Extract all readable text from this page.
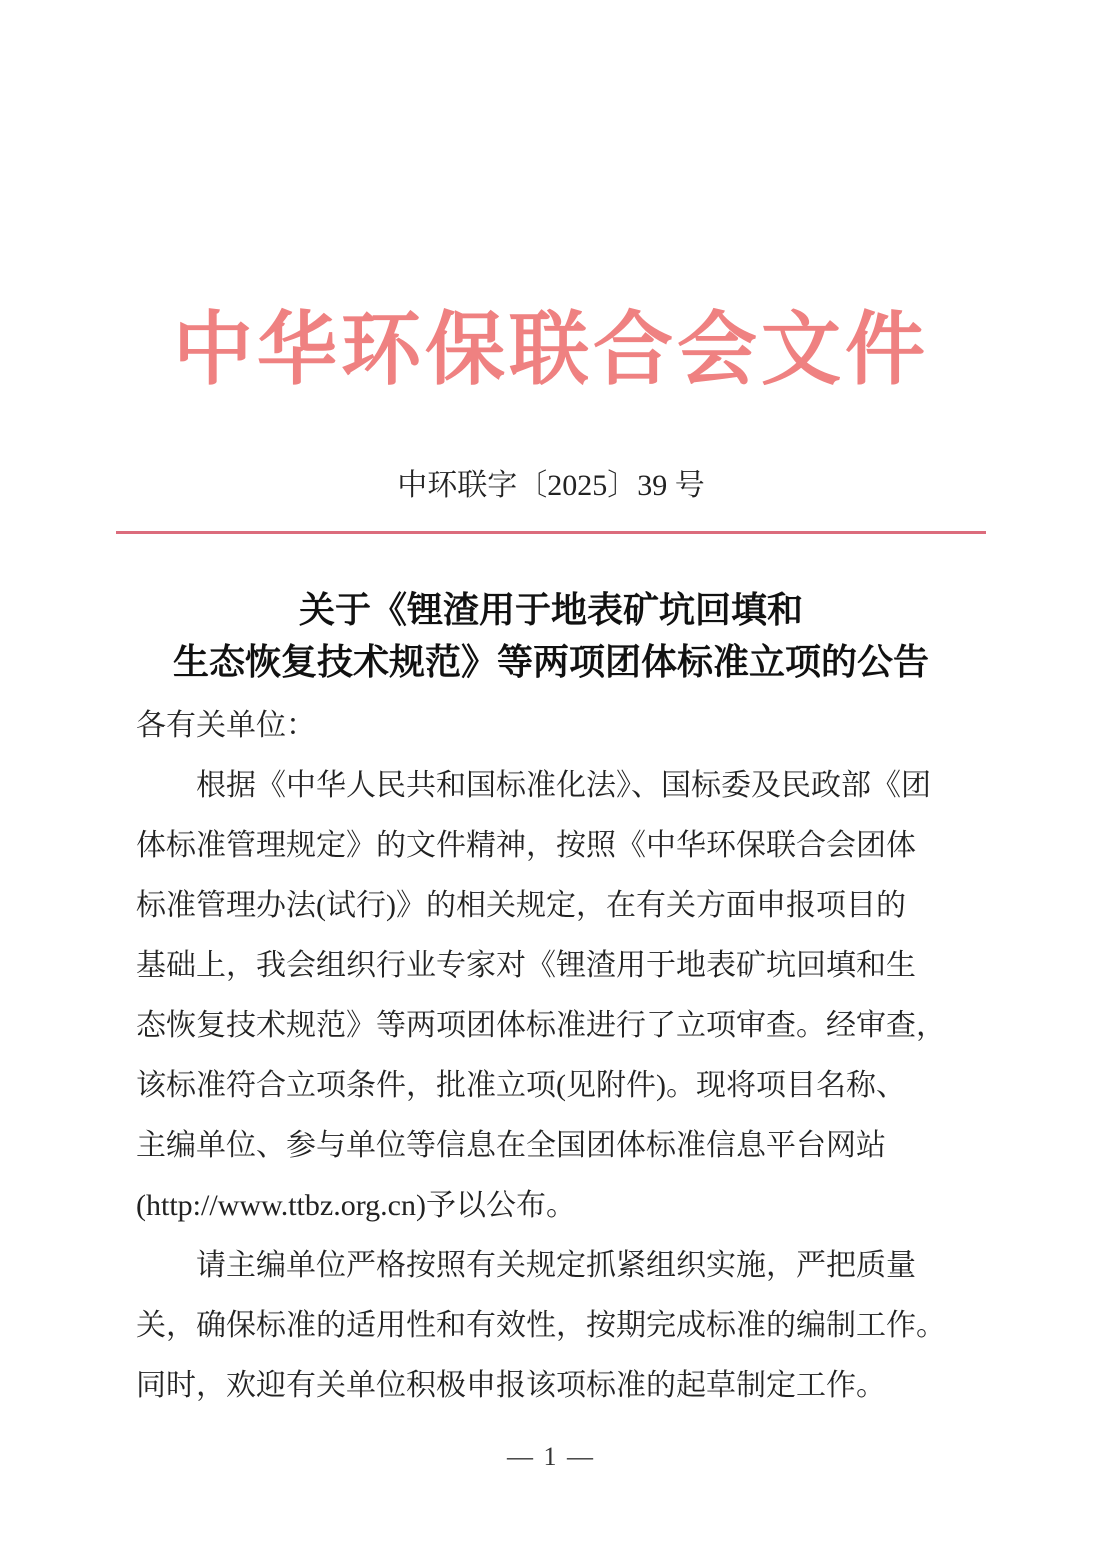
中华环保联合会文件
中环联字〔2025〕39 号
关于《锂渣用于地表矿坑回填和
生态恢复技术规范》等两项团体标准立项的公告
各有关单位：
根据《中华人民共和国标准化法》、国标委及民政部《团
体标准管理规定》的文件精神，按照《中华环保联合会团体
标准管理办法(试行)》的相关规定，在有关方面申报项目的
基础上，我会组织行业专家对《锂渣用于地表矿坑回填和生
态恢复技术规范》等两项团体标准进行了立项审查。经审查，
该标准符合立项条件，批准立项(见附件)。现将项目名称、
主编单位、参与单位等信息在全国团体标准信息平台网站
(http://www.ttbz.org.cn)予以公布。
请主编单位严格按照有关规定抓紧组织实施，严把质量
关，确保标准的适用性和有效性，按期完成标准的编制工作。
同时，欢迎有关单位积极申报该项标准的起草制定工作。
— 1 —
